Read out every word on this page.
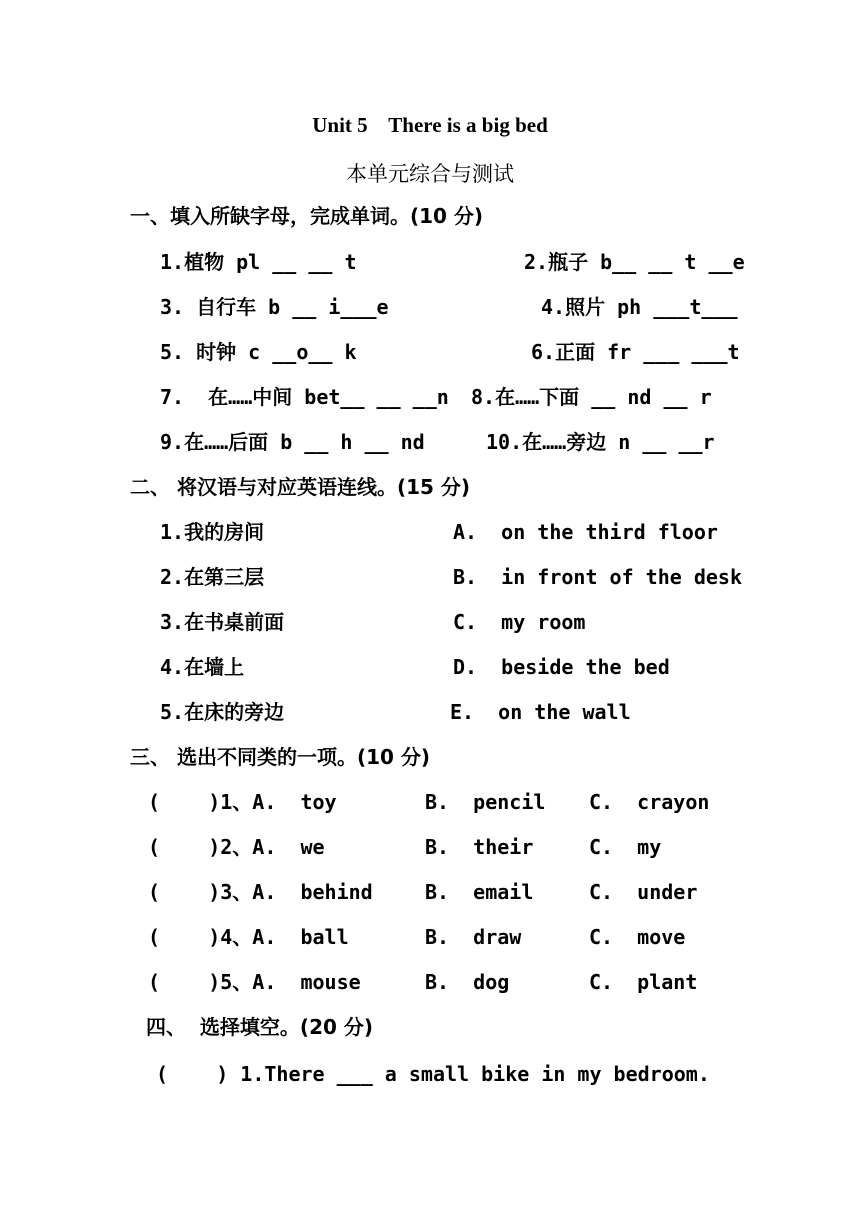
Unit 5    There is a big bed
本单元综合与测试
一、填入所缺字母，完成单词。(10 分)
1.植物 pl __ __ t	2.瓶子 b__ __ t __e
3. 自行车 b __ i___e	4.照片 ph ___t___
5. 时钟 c __o__ k	6.正面 fr ___ ___t
7.  在……中间 bet__ __ __n 8.在……下面 __ nd __ r
9.在……后面 b __ h __ nd	10.在……旁边 n __ __r
二、 将汉语与对应英语连线。(15 分)
1.我的房间	A.  on the third floor
2.在第三层	B.  in front of the desk
3.在书桌前面	C.  my room
4.在墙上	D.  beside the bed
5.在床的旁边	E.  on the wall
三、 选出不同类的一项。(10 分)
(    )1、A.  toy	B.  pencil C.  crayon
(    )2、A.  we	B.  their	C.  my
(    )3、A.  behind	B.  email	C.  under
(    )4、A.  ball	B.  draw	C.  move
(    )5、A.  mouse	B.  dog	C.  plant
四、  选择填空。(20 分)
(    ) 1.There ___ a small bike in my bedroom.
